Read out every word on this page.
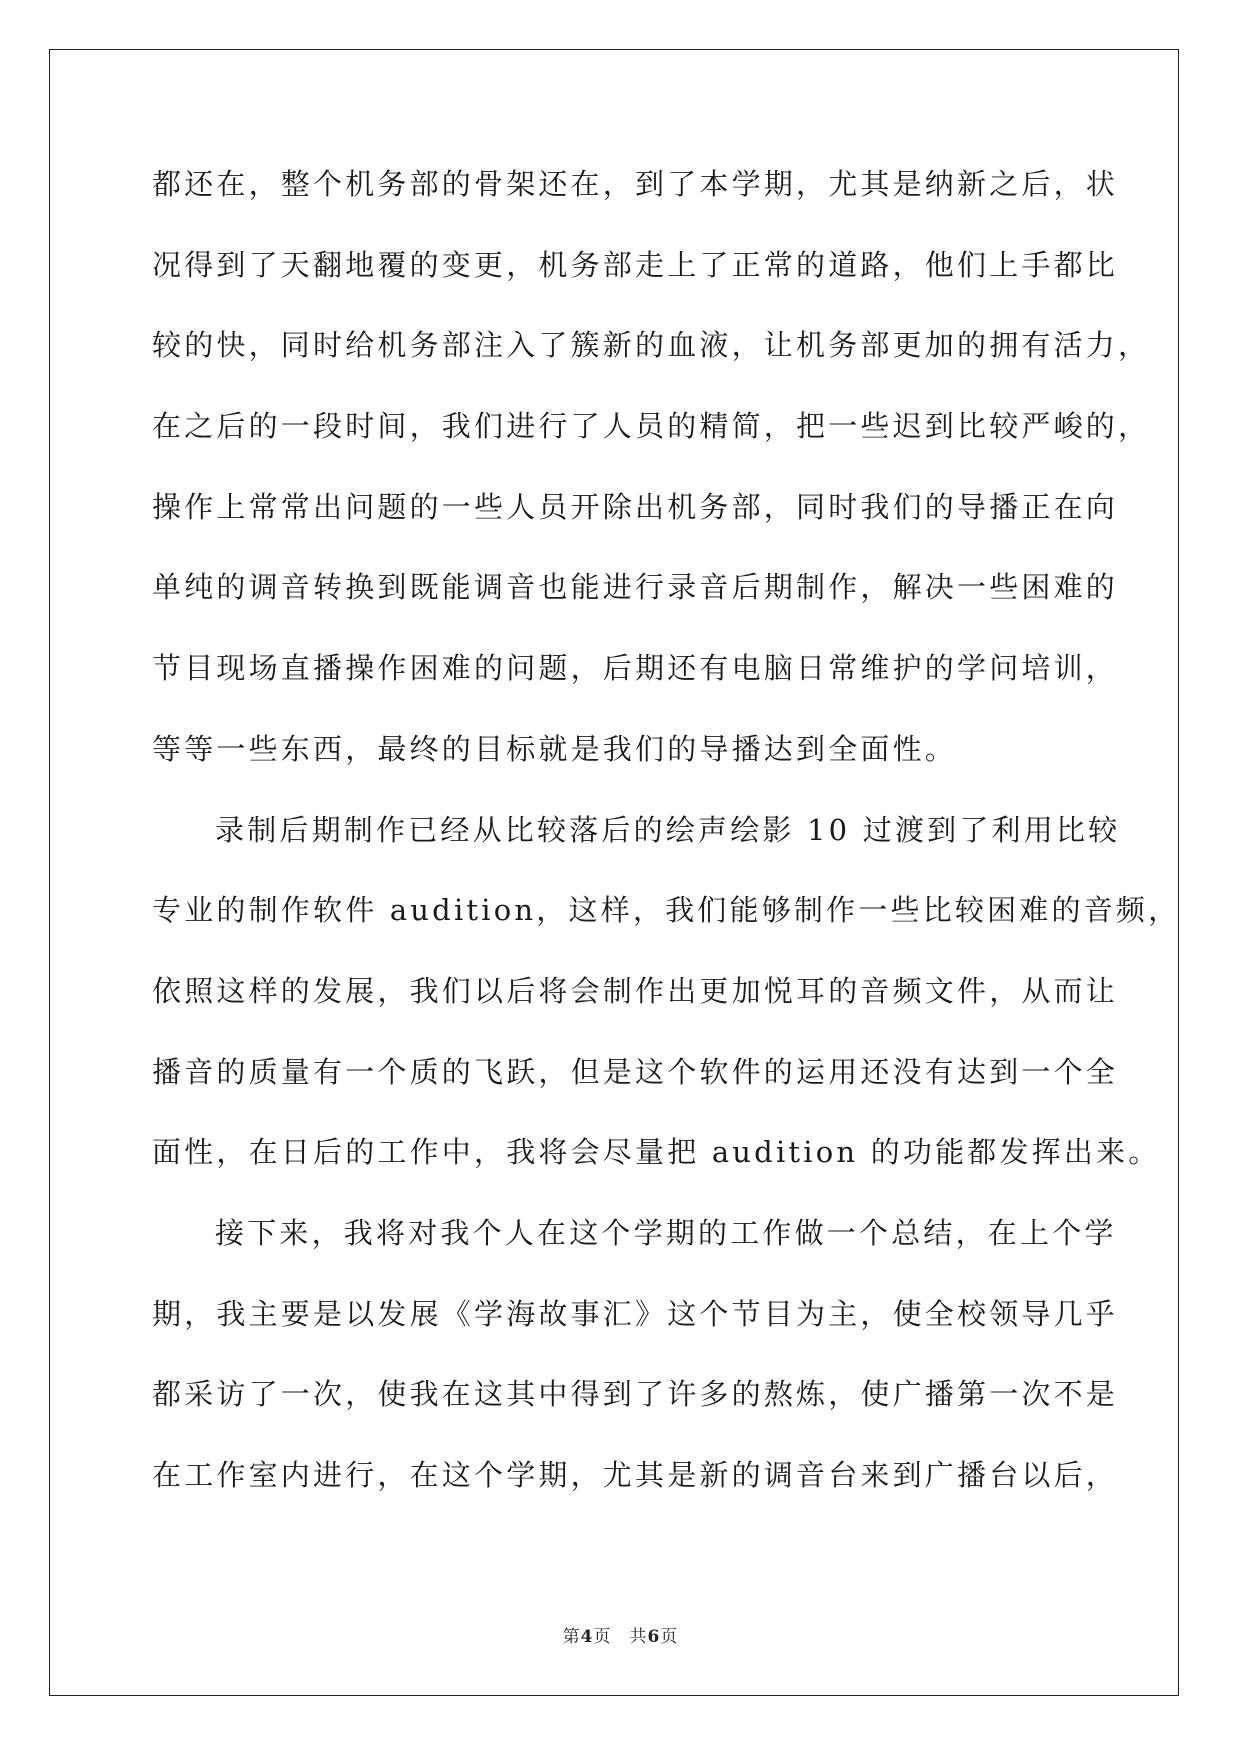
都还在，整个机务部的骨架还在，到了本学期，尤其是纳新之后，状
况得到了天翻地覆的变更，机务部走上了正常的道路，他们上手都比
较的快，同时给机务部注入了簇新的血液，让机务部更加的拥有活力，
在之后的一段时间，我们进行了人员的精简，把一些迟到比较严峻的，
操作上常常出问题的一些人员开除出机务部，同时我们的导播正在向
单纯的调音转换到既能调音也能进行录音后期制作，解决一些困难的
节目现场直播操作困难的问题，后期还有电脑日常维护的学问培训，
等等一些东西，最终的目标就是我们的导播达到全面性。
录制后期制作已经从比较落后的绘声绘影 10 过渡到了利用比较
专业的制作软件 audition，这样，我们能够制作一些比较困难的音频，
依照这样的发展，我们以后将会制作出更加悦耳的音频文件，从而让
播音的质量有一个质的飞跃，但是这个软件的运用还没有达到一个全
面性，在日后的工作中，我将会尽量把 audition 的功能都发挥出来。
接下来，我将对我个人在这个学期的工作做一个总结，在上个学
期，我主要是以发展《学海故事汇》这个节目为主，使全校领导几乎
都采访了一次，使我在这其中得到了许多的熬炼，使广播第一次不是
在工作室内进行，在这个学期，尤其是新的调音台来到广播台以后，
第4页 共6页
